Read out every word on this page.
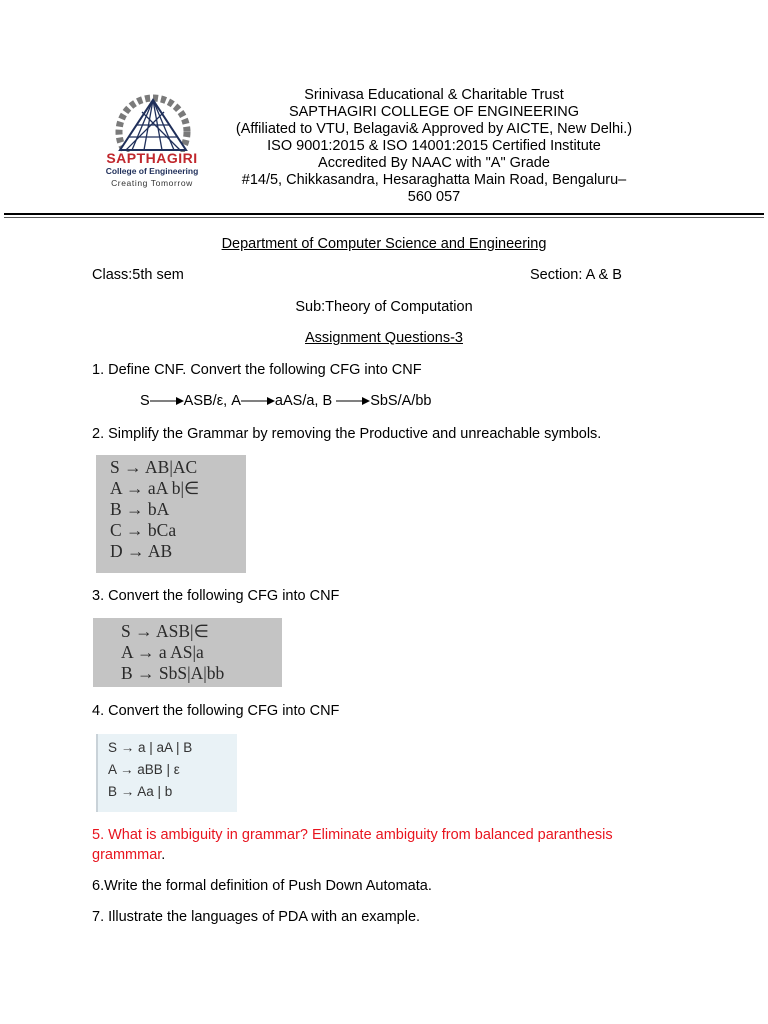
SAPTHAGIRI
College of Engineering
Creating Tomorrow
Srinivasa Educational & Charitable Trust
SAPTHAGIRI COLLEGE OF ENGINEERING
(Affiliated to VTU, Belagavi& Approved by AICTE, New Delhi.)
ISO 9001:2015 & ISO 14001:2015 Certified Institute
Accredited By NAAC with "A" Grade
#14/5, Chikkasandra, Hesaraghatta Main Road, Bengaluru–
560 057
Department of Computer Science and Engineering
Class:5th sem	Section: A & B
Sub:Theory of Computation
Assignment Questions-3
1. Define CNF. Convert the following CFG into CNF
S ASB/ε, A aAS/a, B	SbS/A/bb
2. Simplify the Grammar by removing the Productive and unreachable symbols.
S → AB|AC
A → aA b|∈
B → bA
C → bCa
D → AB
3. Convert the following CFG into CNF
S → ASB|∈
A → a AS|a
B → SbS|A|bb
4. Convert the following CFG into CNF
S → a | aA | B
A → aBB | ε
B → Aa | b
5. What is ambiguity in grammar? Eliminate ambiguity from balanced paranthesis
grammmar.
6.Write the formal definition of Push Down Automata.
7. Illustrate the languages of PDA with an example.
